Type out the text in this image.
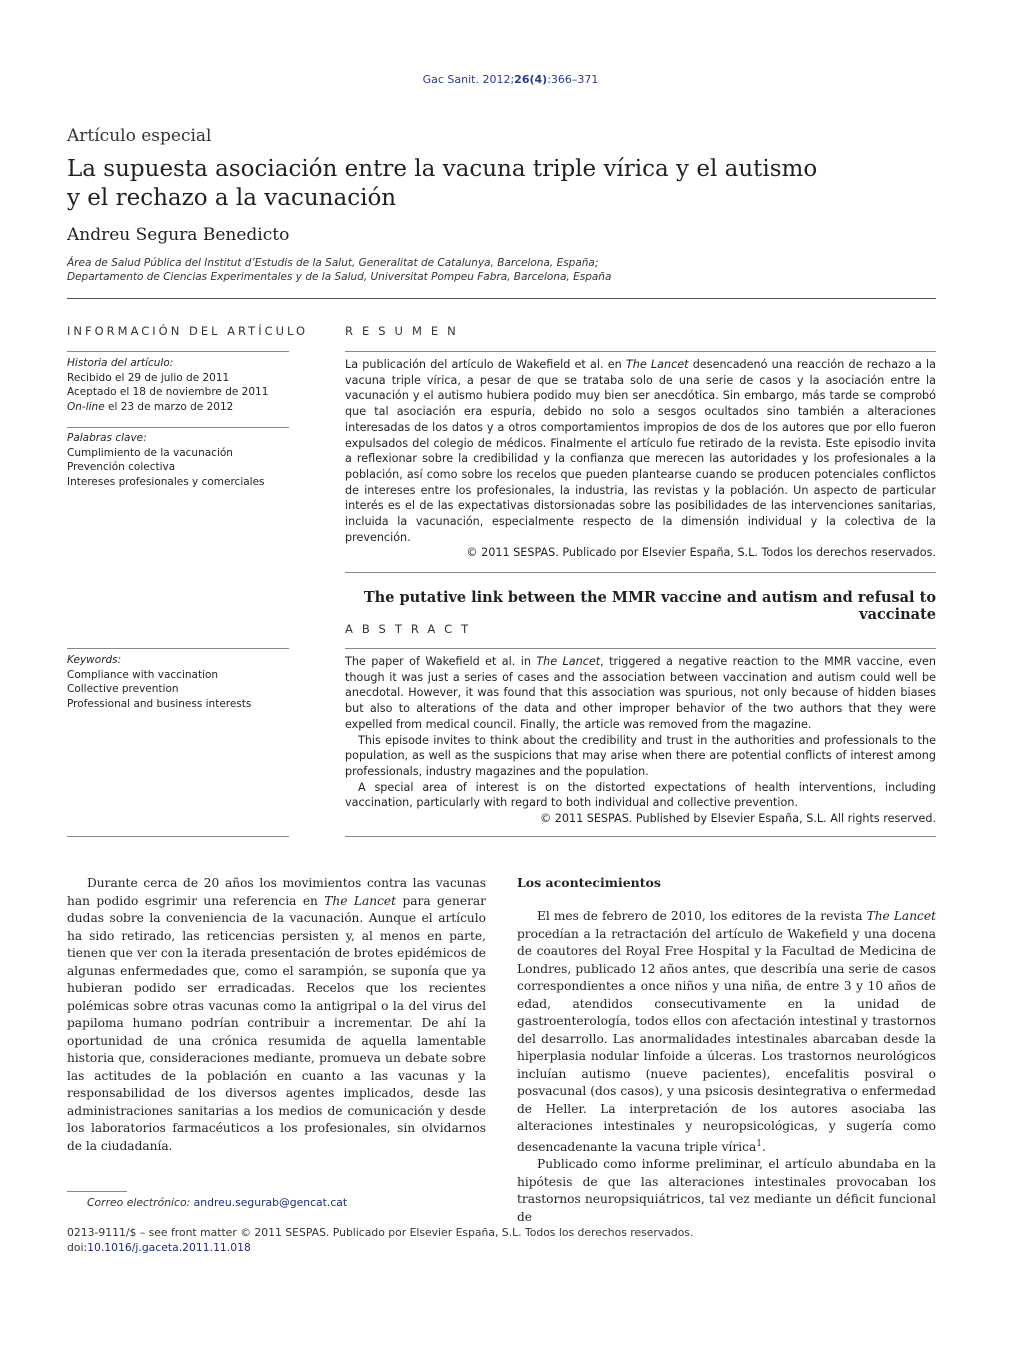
Gac Sanit. 2012;26(4):366–371
Artículo especial
La supuesta asociación entre la vacuna triple vírica y el autismo
y el rechazo a la vacunación
Andreu Segura Benedicto
Área de Salud Pública del Institut d’Estudis de la Salut, Generalitat de Catalunya, Barcelona, España;
Departamento de Ciencias Experimentales y de la Salud, Universitat Pompeu Fabra, Barcelona, España
INFORMACIÓN DEL ARTÍCULO
Historia del artículo:
Recibido el 29 de julio de 2011
Aceptado el 18 de noviembre de 2011
On-line el 23 de marzo de 2012
Palabras clave:
Cumplimiento de la vacunación
Prevención colectiva
Intereses profesionales y comerciales
Keywords:
Compliance with vaccination
Collective prevention
Professional and business interests
RESUMEN

La publicación del artículo de Wakefield et al. en The Lancet desencadenó una reacción de rechazo a la vacuna triple vírica, a pesar de que se trataba solo de una serie de casos y la asociación entre la vacunación y el autismo hubiera podido muy bien ser anecdótica. Sin embargo, más tarde se comprobó que tal asociación era espuria, debido no solo a sesgos ocultados sino también a alteraciones interesadas de los datos y a otros comportamientos impropios de dos de los autores que por ello fueron expulsados del colegio de médicos. Finalmente el artículo fue retirado de la revista. Este episodio invita a reflexionar sobre la credibilidad y la confianza que merecen las autoridades y los profesionales a la población, así como sobre los recelos que pueden plantearse cuando se producen potenciales conflictos de intereses entre los profesionales, la industria, las revistas y la población. Un aspecto de particular interés es el de las expectativas distorsionadas sobre las posibilidades de las intervenciones sanitarias, incluida la vacunación, especialmente respecto de la dimensión individual y la colectiva de la prevención.

© 2011 SESPAS. Publicado por Elsevier España, S.L. Todos los derechos reservados.

The putative link between the MMR vaccine and autism and refusal to vaccinate
ABSTRACT

The paper of Wakefield et al. in The Lancet, triggered a negative reaction to the MMR vaccine, even though it was just a series of cases and the association between vaccination and autism could well be anecdotal. However, it was found that this association was spurious, not only because of hidden biases but also to alterations of the data and other improper behavior of the two authors that they were expelled from medical council. Finally, the article was removed from the magazine.

This episode invites to think about the credibility and trust in the authorities and professionals to the population, as well as the suspicions that may arise when there are potential conflicts of interest among professionals, industry magazines and the population.

A special area of interest is on the distorted expectations of health interventions, including vaccination, particularly with regard to both individual and collective prevention.

© 2011 SESPAS. Published by Elsevier España, S.L. All rights reserved.

Durante cerca de 20 años los movimientos contra las vacunas han podido esgrimir una referencia en The Lancet para generar dudas sobre la conveniencia de la vacunación. Aunque el artículo ha sido retirado, las reticencias persisten y, al menos en parte, tienen que ver con la iterada presentación de brotes epidémicos de algunas enfermedades que, como el sarampión, se suponía que ya hubieran podido ser erradicadas. Recelos que los recientes polémicas sobre otras vacunas como la antigripal o la del virus del papiloma humano podrían contribuir a incrementar. De ahí la oportunidad de una crónica resumida de aquella lamentable historia que, consideraciones mediante, promueva un debate sobre las actitudes de la población en cuanto a las vacunas y la responsabilidad de los diversos agentes implicados, desde las administraciones sanitarias a los medios de comunicación y desde los laboratorios farmacéuticos a los profesionales, sin olvidarnos de la ciudadanía.

Los acontecimientos

El mes de febrero de 2010, los editores de la revista The Lancet procedían a la retractación del artículo de Wakefield y una docena de coautores del Royal Free Hospital y la Facultad de Medicina de Londres, publicado 12 años antes, que describía una serie de casos correspondientes a once niños y una niña, de entre 3 y 10 años de edad, atendidos consecutivamente en la unidad de gastroenterología, todos ellos con afectación intestinal y trastornos del desarrollo. Las anormalidades intestinales abarcaban desde la hiperplasia nodular linfoide a úlceras. Los trastornos neurológicos incluían autismo (nueve pacientes), encefalitis posviral o posvacunal (dos casos), y una psicosis desintegrativa o enfermedad de Heller. La interpretación de los autores asociaba las alteraciones intestinales y neuropsicológicas, y sugería como desencadenante la vacuna triple vírica$^1$.

Publicado como informe preliminar, el artículo abundaba en la hipótesis de que las alteraciones intestinales provocaban los trastornos neuropsiquiátricos, tal vez mediante un déficit funcional de

Correo electrónico: andreu.segurab@gencat.cat
0213-9111/$ – see front matter © 2011 SESPAS. Publicado por Elsevier España, S.L. Todos los derechos reservados.
doi:10.1016/j.gaceta.2011.11.018
